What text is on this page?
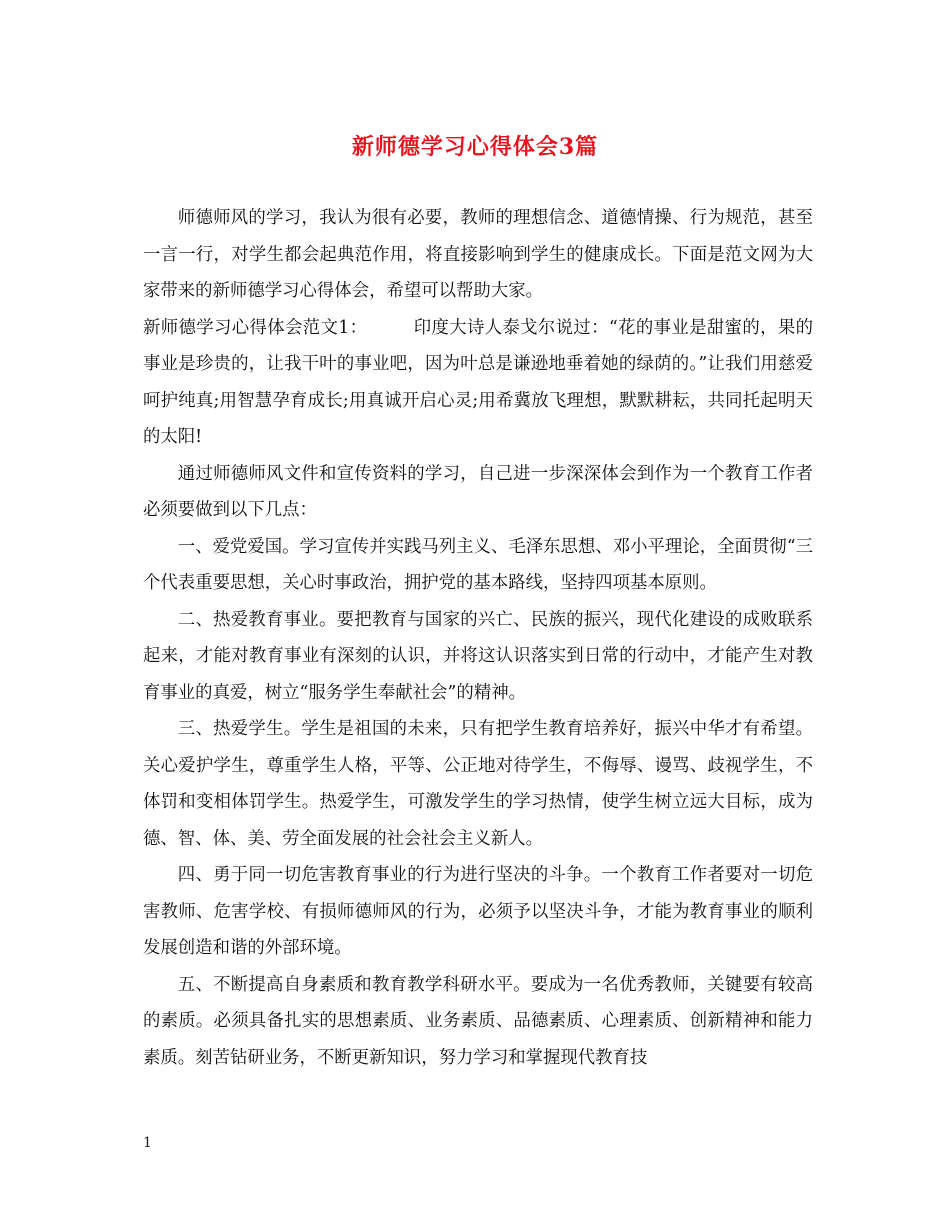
新师德学习心得体会3篇

师德师风的学习，我认为很有必要，教师的理想信念、道德情操、行为规范，甚至一言一行，对学生都会起典范作用，将直接影响到学生的健康成长。下面是范文网为大家带来的新师德学习心得体会，希望可以帮助大家。

新师德学习心得体会范文1：	印度大诗人泰戈尔说过：“花的事业是甜蜜的，果的事业是珍贵的，让我干叶的事业吧，因为叶总是谦逊地垂着她的绿荫的。”让我们用慈爱呵护纯真;用智慧孕育成长;用真诚开启心灵;用希冀放飞理想，默默耕耘，共同托起明天的太阳!

通过师德师风文件和宣传资料的学习，自己进一步深深体会到作为一个教育工作者必须要做到以下几点：

一、爱党爱国。学习宣传并实践马列主义、毛泽东思想、邓小平理论，全面贯彻“三个代表重要思想，关心时事政治，拥护党的基本路线，坚持四项基本原则。

二、热爱教育事业。要把教育与国家的兴亡、民族的振兴，现代化建设的成败联系起来，才能对教育事业有深刻的认识，并将这认识落实到日常的行动中，才能产生对教育事业的真爱，树立“服务学生奉献社会”的精神。

三、热爱学生。学生是祖国的未来，只有把学生教育培养好，振兴中华才有希望。关心爱护学生，尊重学生人格，平等、公正地对待学生，不侮辱、谩骂、歧视学生，不体罚和变相体罚学生。热爱学生，可激发学生的学习热情，使学生树立远大目标，成为德、智、体、美、劳全面发展的社会社会主义新人。

四、勇于同一切危害教育事业的行为进行坚决的斗争。一个教育工作者要对一切危害教师、危害学校、有损师德师风的行为，必须予以坚决斗争，才能为教育事业的顺利发展创造和谐的外部环境。

五、不断提高自身素质和教育教学科研水平。要成为一名优秀教师，关键要有较高的素质。必须具备扎实的思想素质、业务素质、品德素质、心理素质、创新精神和能力素质。刻苦钻研业务，不断更新知识，努力学习和掌握现代教育技

1
